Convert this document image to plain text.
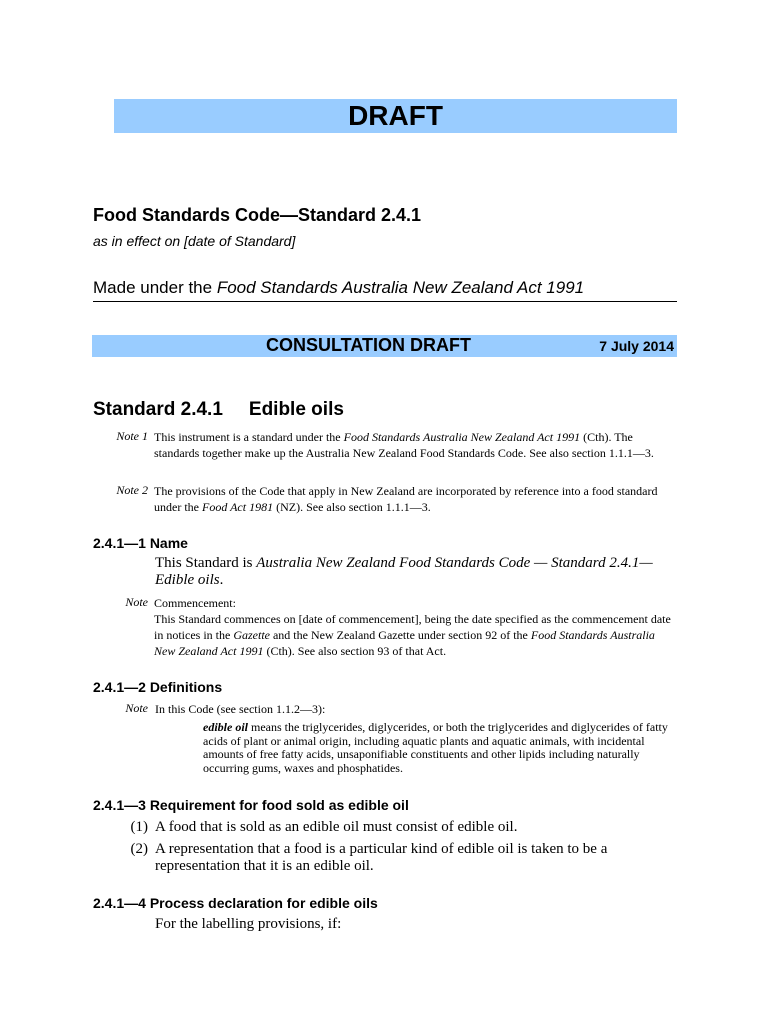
DRAFT
Food Standards Code—Standard 2.4.1
as in effect on [date of Standard]
Made under the Food Standards Australia New Zealand Act 1991
CONSULTATION DRAFT	7 July 2014
Standard 2.4.1 Edible oils
Note 1 This instrument is a standard under the Food Standards Australia New Zealand Act 1991 (Cth). The standards together make up the Australia New Zealand Food Standards Code. See also section 1.1.1—3.
Note 2 The provisions of the Code that apply in New Zealand are incorporated by reference into a food standard under the Food Act 1981 (NZ). See also section 1.1.1—3.
2.4.1—1 Name
This Standard is Australia New Zealand Food Standards Code — Standard 2.4.1—Edible oils.
Note Commencement:
This Standard commences on [date of commencement], being the date specified as the commencement date in notices in the Gazette and the New Zealand Gazette under section 92 of the Food Standards Australia New Zealand Act 1991 (Cth). See also section 93 of that Act.
2.4.1—2 Definitions
Note In this Code (see section 1.1.2—3):
edible oil means the triglycerides, diglycerides, or both the triglycerides and diglycerides of fatty acids of plant or animal origin, including aquatic plants and aquatic animals, with incidental amounts of free fatty acids, unsaponifiable constituents and other lipids including naturally occurring gums, waxes and phosphatides.
2.4.1—3 Requirement for food sold as edible oil
(1) A food that is sold as an edible oil must consist of edible oil.
(2) A representation that a food is a particular kind of edible oil is taken to be a representation that it is an edible oil.
2.4.1—4 Process declaration for edible oils
For the labelling provisions, if:
